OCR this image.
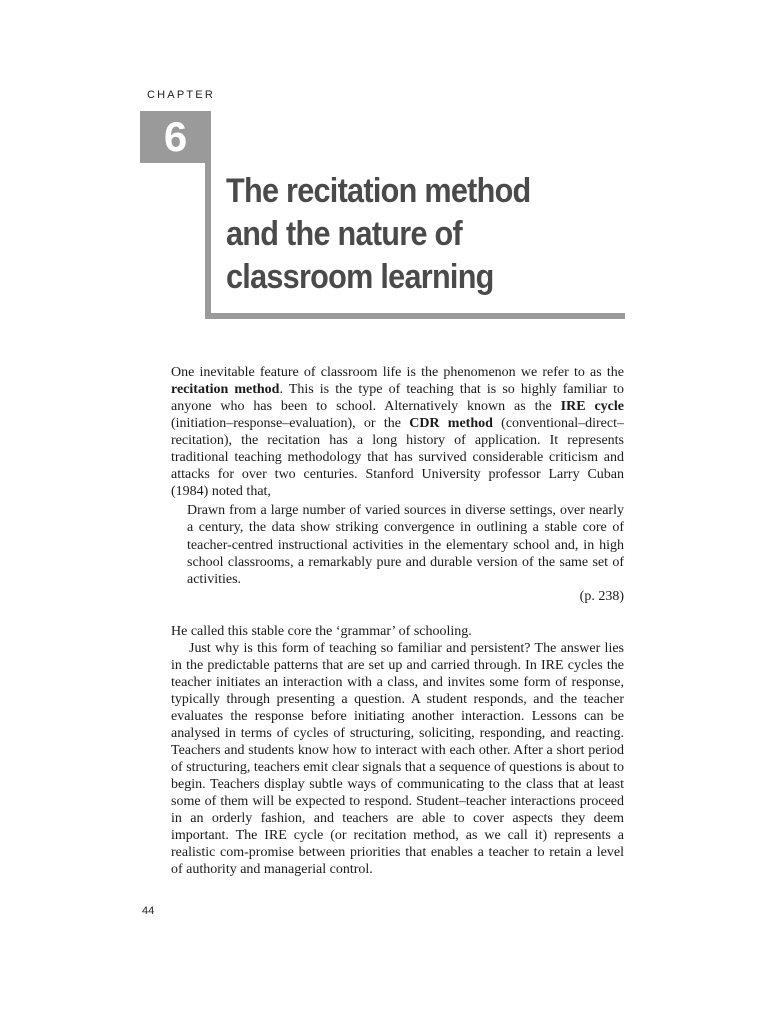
CHAPTER
6
The recitation method
and the nature of
classroom learning

One inevitable feature of classroom life is the phenomenon we refer to as the recitation method. This is the type of teaching that is so highly familiar to anyone who has been to school. Alternatively known as the IRE cycle (initiation–response–evaluation), or the CDR method (conventional–direct–recitation), the recitation has a long history of application. It represents traditional teaching methodology that has survived considerable criticism and attacks for over two centuries. Stanford University professor Larry Cuban (1984) noted that,

Drawn from a large number of varied sources in diverse settings, over nearly a century, the data show striking convergence in outlining a stable core of teacher-centred instructional activities in the elementary school and, in high school classrooms, a remarkably pure and durable version of the same set of activities.

(p. 238)

He called this stable core the ‘grammar’ of schooling.

Just why is this form of teaching so familiar and persistent? The answer lies in the predictable patterns that are set up and carried through. In IRE cycles the teacher initiates an interaction with a class, and invites some form of response, typically through presenting a question. A student responds, and the teacher evaluates the response before initiating another interaction. Lessons can be analysed in terms of cycles of structuring, soliciting, responding, and reacting. Teachers and students know how to interact with each other. After a short period of structuring, teachers emit clear signals that a sequence of questions is about to begin. Teachers display subtle ways of communicating to the class that at least some of them will be expected to respond. Student–teacher interactions proceed in an orderly fashion, and teachers are able to cover aspects they deem important. The IRE cycle (or recitation method, as we call it) represents a realistic com-promise between priorities that enables a teacher to retain a level of authority and managerial control.

44
